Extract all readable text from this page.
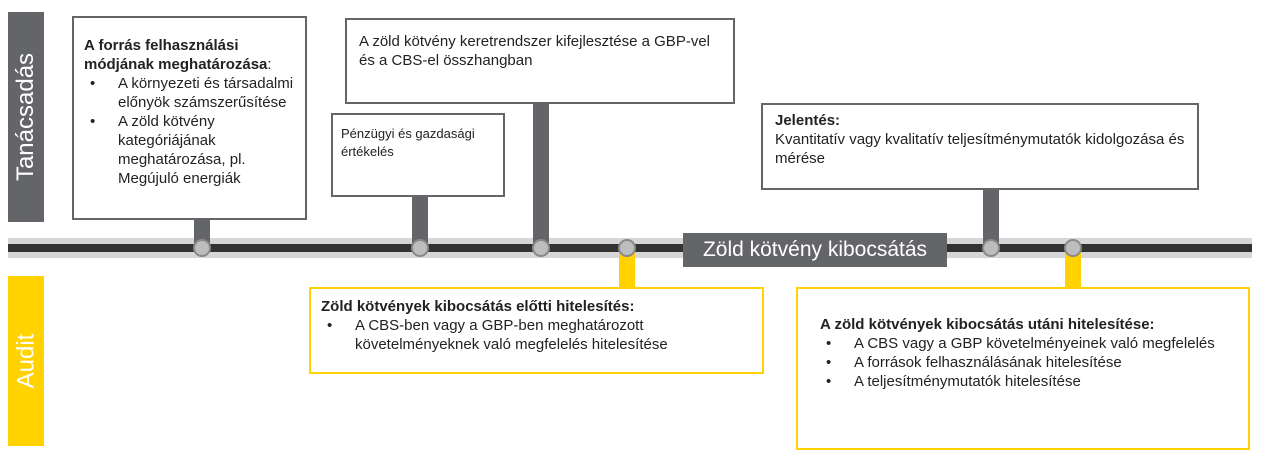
Tanácsadás
Audit
Zöld kötvény kibocsátás
A forrás felhasználási módjának meghatározása:
• A környezeti és társadalmi előnyök számszerűsítése
• A zöld kötvény kategóriájának meghatározása, pl. Megújuló energiák
Pénzügyi és gazdasági értékelés
A zöld kötvény keretrendszer kifejlesztése a GBP-vel és a CBS-el összhangban
Jelentés:
Kvantitatív vagy kvalitatív teljesítménymutatók kidolgozása és mérése
Zöld kötvények kibocsátás előtti hitelesítés:
• A CBS-ben vagy a GBP-ben meghatározott követelményeknek való megfelelés hitelesítése
A zöld kötvények kibocsátás utáni hitelesítése:
• A CBS vagy a GBP követelményeinek való megfelelés
• A források felhasználásának hitelesítése
• A teljesítménymutatók hitelesítése
